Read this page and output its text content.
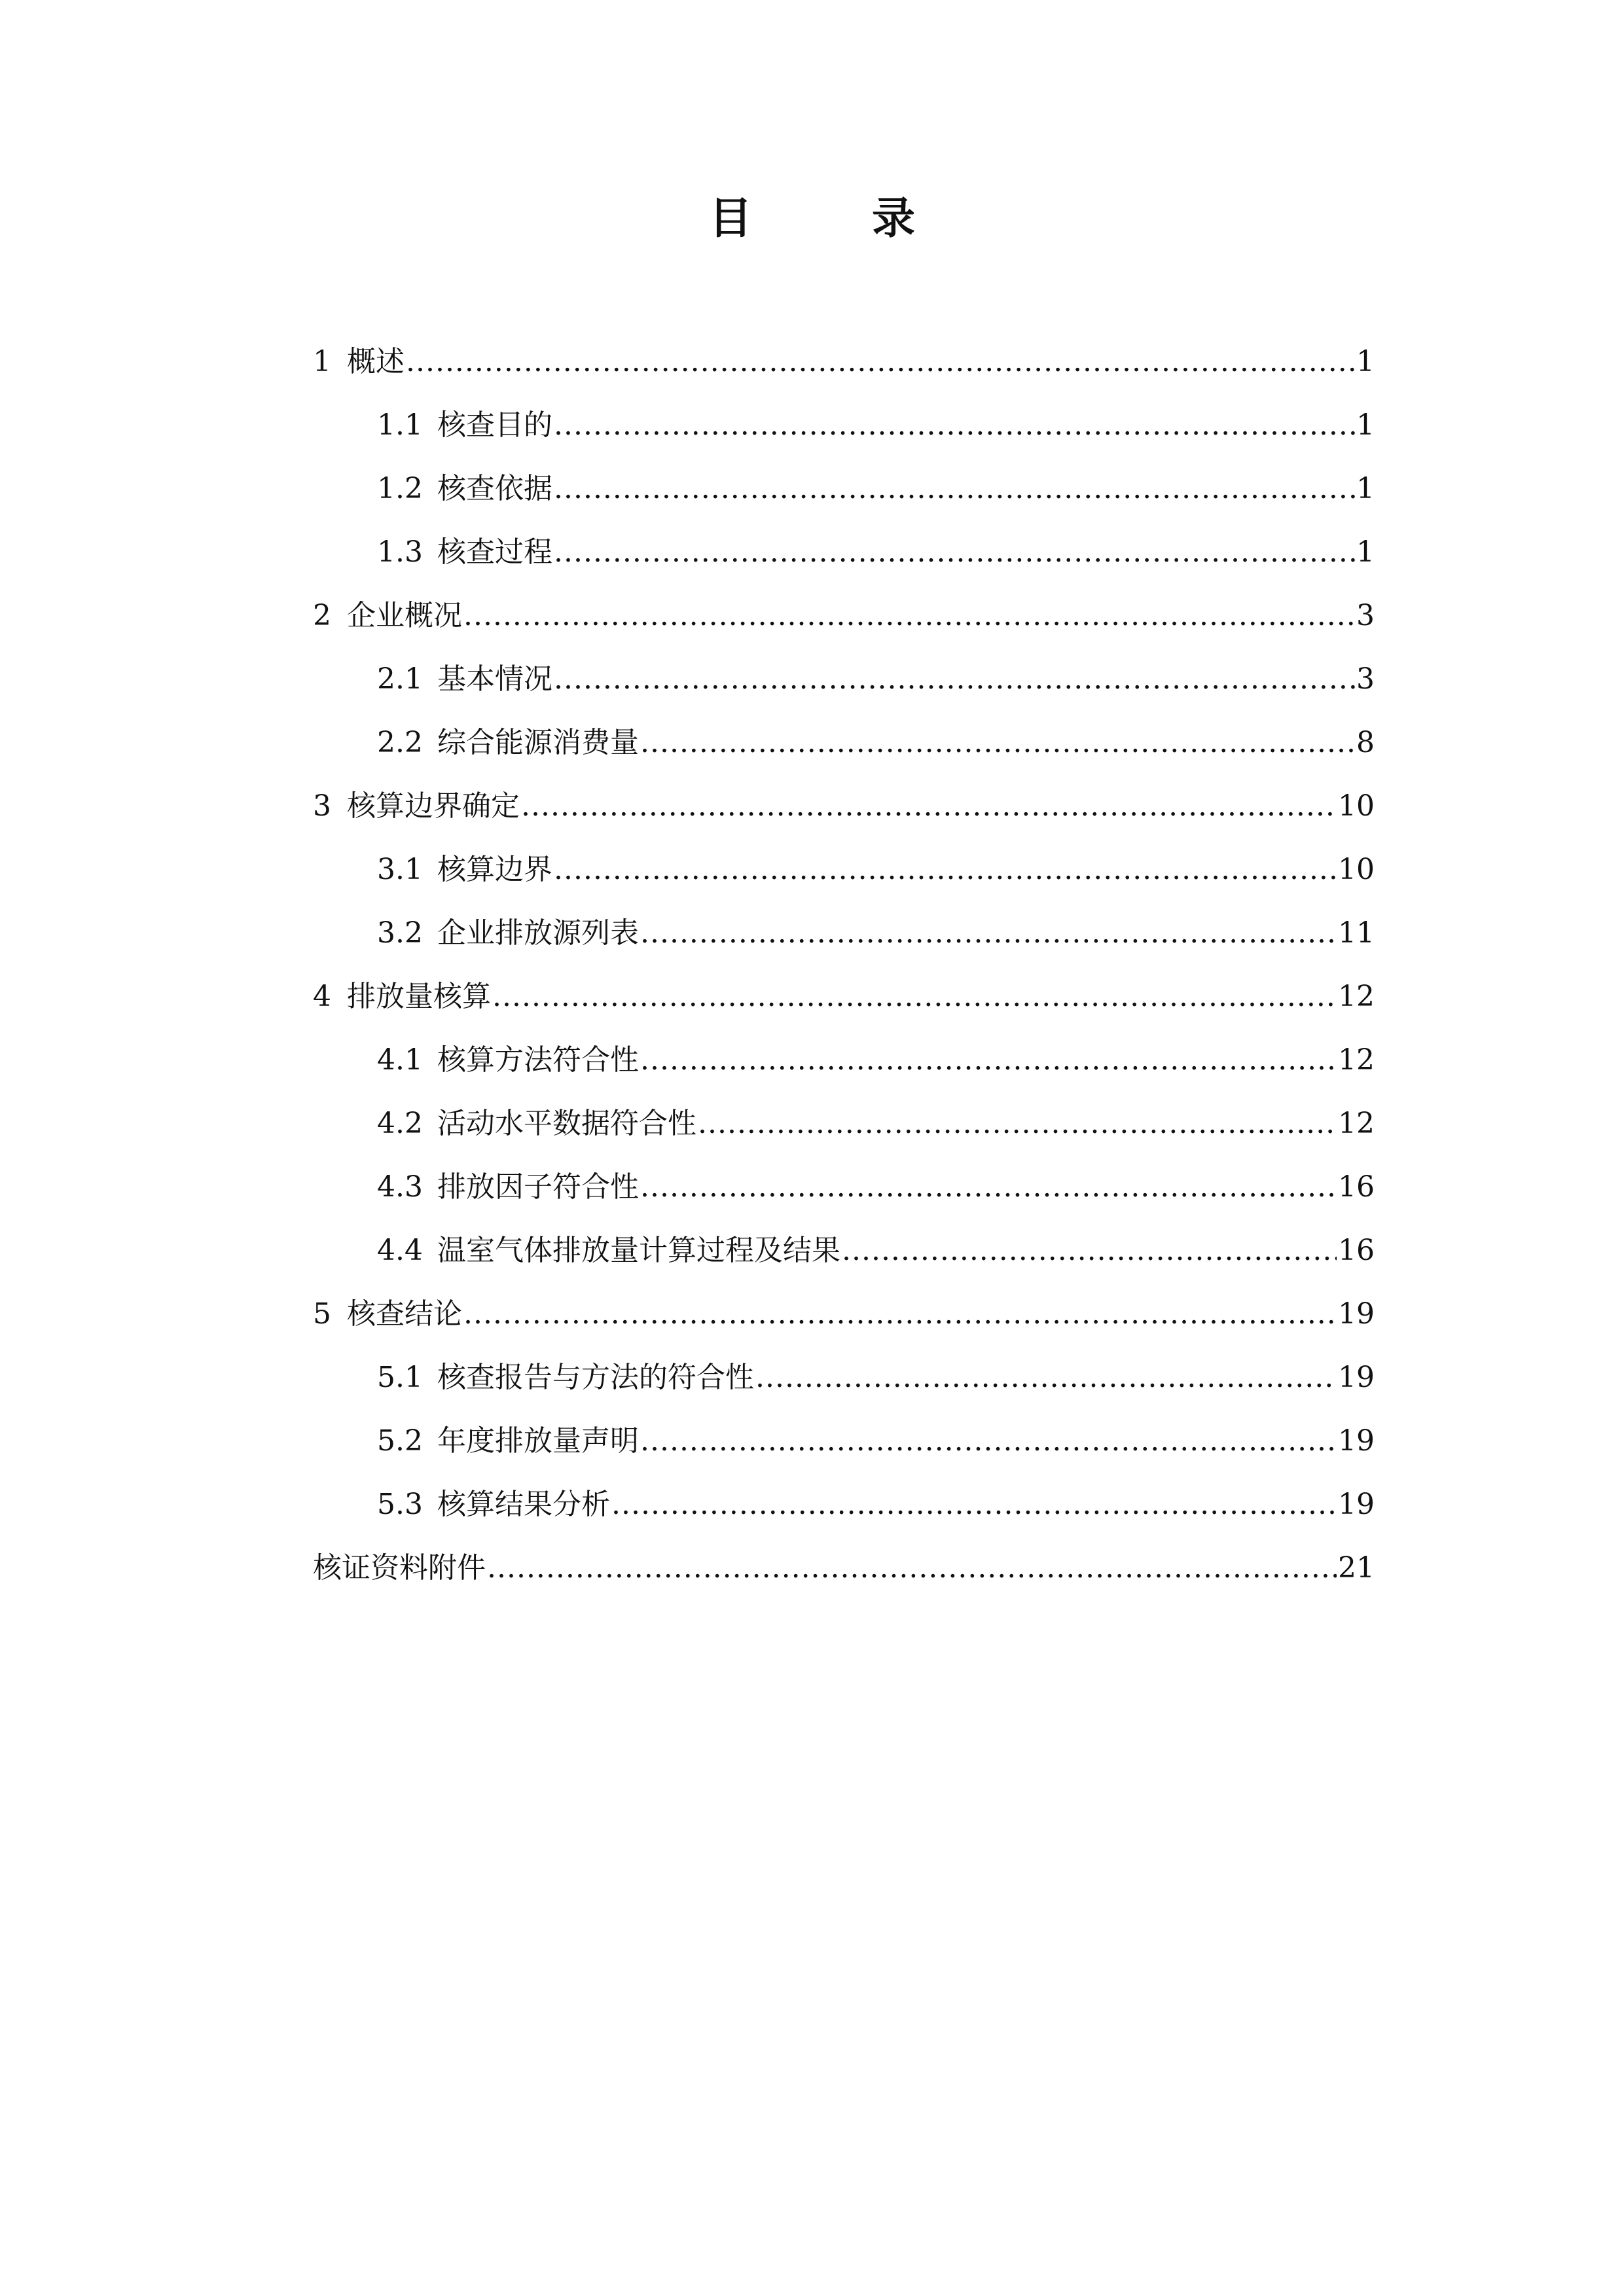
目 录
1 概述 .....	1
1.1 核查目的 .....	1
1.2 核查依据 .....	1
1.3 核查过程 .....	1
2 企业概况 .....	3
2.1 基本情况 .....	3
2.2 综合能源消费量 .....	8
3 核算边界确定 .....	10
3.1 核算边界 .....	10
3.2 企业排放源列表 .....	11
4 排放量核算 .....	12
4.1 核算方法符合性 .....	12
4.2 活动水平数据符合性 .....	12
4.3 排放因子符合性 .....	16
4.4 温室气体排放量计算过程及结果 .....	16
5 核查结论 .....	19
5.1 核查报告与方法的符合性 .....	19
5.2 年度排放量声明 .....	19
5.3 核算结果分析 .....	19
核证资料附件 .....	21
